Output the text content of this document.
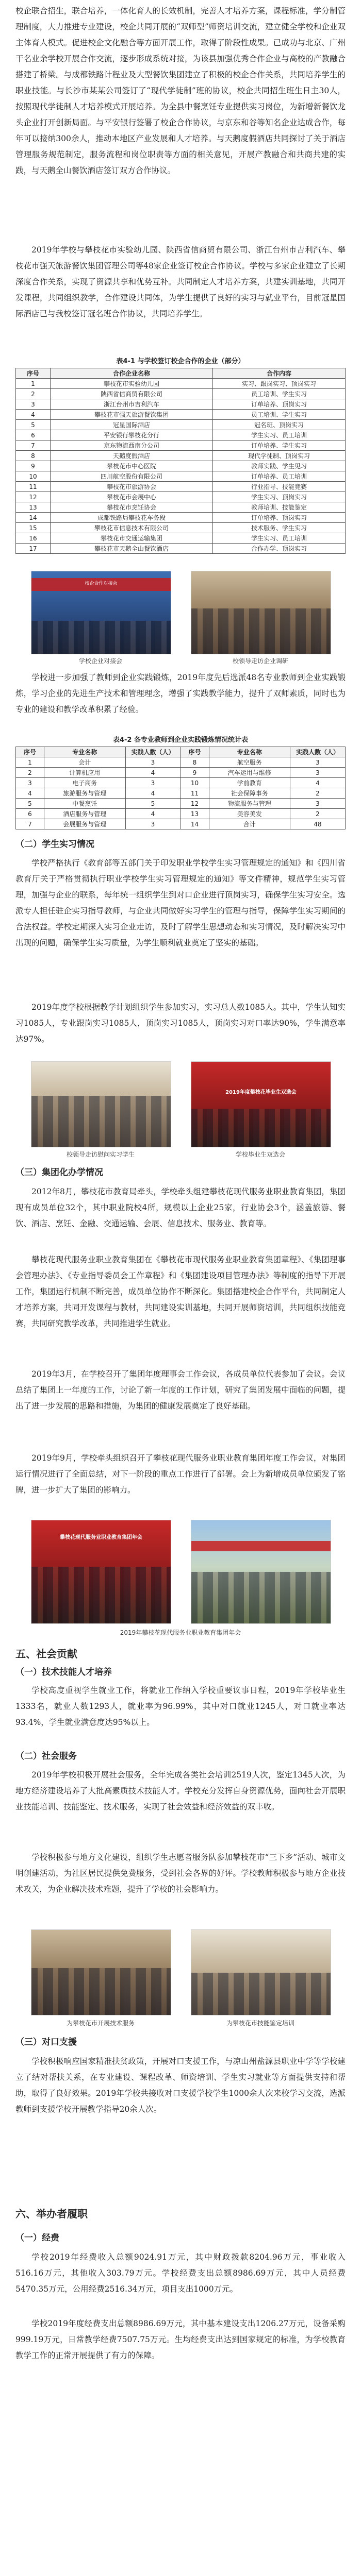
校企联合招生，联合培养，一体化育人的长效机制，完善人才培养方案，课程标准，学分制管理制度，大力推进专业建设，校企共同开展的“双师型”师资培训交流，建立健全学校和企业双主体育人模式。促进校企文化融合等方面开展工作，取得了阶段性成果。已成功与北京、广州干名业余学校开展合作交流，逐步形成系统对接，为该县加强优秀合作企业与高校的产教融合搭建了桥梁。与成都铁路计程业及大型餐饮集团建立了积极的校企合作关系，共同培养学生的职业技能。与长沙市某某公司签订了“现代学徒制”班的协议，校企共同招生班生日主30人，按照现代学徒制人才培养模式开展培养。为全县中餐烹饪专业提供实习岗位，为新增新餐饮龙头企业打开创新局面。与平安银行签署了校企合作协议，与京东和谷等知名企业达成合作，每年可以接纳300余人，推动本地区产业发展和人才培养。与天鹅度假酒店共同探讨了关于酒店管理服务规范制定，服务流程和岗位职责等方面的相关意见，开展产教融合和共商共建的实践，与天鹅全山餐饮酒店签订双方合作协议。

2019年学校与攀枝花市实验幼儿园、陕西省信商贸有限公司、浙江台州市吉利汽车、攀枝花市强天旅游餐饮集团管理公司等48家企业签订校企合作协议。学校与多家企业建立了长期深度合作关系，实现了资源共享和优势互补。共同制定人才培养方案，共建实训基地，共同开发课程，共同组织教学，合作建设共同体，为学生提供了良好的实习与就业平台，目前冠星国际酒店已与我校签订冠名班合作协议，共同培养学生。

表4-1 与学校签订校企合作的企业（部分）
序号	合作企业名称	合作内容
1	攀枝花市实验幼儿园	实习、跟岗实习、顶岗实习
2	陕西省信商贸有限公司	员工培训、学生实习
3	浙江台州市吉利汽车	订单培养、顶岗实习
4	攀枝花市强天旅游餐饮集团	员工培训、学生实习
5	冠星国际酒店	冠名班、顶岗实习
6	平安银行攀枝花分行	学生实习、员工培训
7	京东物流西南分公司	订单培养、学生实习
8	天鹅度假酒店	现代学徒制、顶岗实习
9	攀枝花市中心医院	教师实践、学生见习
10	四川航空股份有限公司	订单培养、员工培训
11	攀枝花市旅游协会	行业指导、技能竞赛
12	攀枝花市会展中心	学生实习、顶岗实习
13	攀枝花市烹饪协会	教师培训、技能鉴定
14	成都铁路局攀枝花车务段	订单培养、顶岗实习
15	攀枝花市信息技术有限公司	技术服务、学生实习
16	攀枝花市交通运输集团	学生实习、员工培训
17	攀枝花市天鹅全山餐饮酒店	合作办学、顶岗实习
校企合作对接会
学校企业对接会	校领导走访企业调研

学校进一步加强了教师到企业实践锻炼，2019年度先后选派48名专业教师到企业实践锻炼，学习企业的先进生产技术和管理理念，增强了实践教学能力，提升了双师素质，同时也为专业的建设和教学改革积累了经验。

表4-2 各专业教师到企业实践锻炼情况统计表
序号	专业名称	实践人数（人）	序号	专业名称	实践人数（人）
1	会计	3	8	航空服务	3
2	计算机应用	4	9	汽车运用与维修	3
3	电子商务	3	10	学前教育	4
4	旅游服务与管理	4	11	社会保障事务	2
5	中餐烹饪	5	12	物流服务与管理	3
6	酒店服务与管理	4	13	美容美发	2
7	会展服务与管理	3	14	合计	48
（二）学生实习情况

学校严格执行《教育部等五部门关于印发职业学校学生实习管理规定的通知》和《四川省教育厅关于严格贯彻执行职业学校学生实习管理规定的通知》等文件精神，规范学生实习管理，加强与企业的联系，每年统一组织学生到对口企业进行顶岗实习，确保学生实习安全。选派专人担任驻企实习指导教师，与企业共同做好实习学生的管理与指导，保障学生实习期间的合法权益。学校定期深入实习企业走访，及时了解学生思想动态和实习情况，及时解决实习中出现的问题，确保学生实习质量，为学生顺利就业奠定了坚实的基础。

2019年度学校根据教学计划组织学生参加实习，实习总人数1085人。其中，学生认知实习1085人，专业跟岗实习1085人，顶岗实习1085人，顶岗实习对口率达90%，学生满意率达97%。

2019年度攀枝花毕业生双选会
校领导走访慰问实习学生	学校毕业生双选会
（三）集团化办学情况

2012年8月，攀枝花市教育局牵头，学校牵头组建攀枝花现代服务业职业教育集团，集团现有成员单位32个，其中职业院校4所，规模以上企业25家，行业协会3个，涵盖旅游、餐饮、酒店、烹饪、金融、交通运输、会展、信息技术、服务业、教育等。

攀枝花现代服务业职业教育集团在《攀枝花市现代服务业职业教育集团章程》、《集团理事会管理办法》、《专业指导委员会工作章程》和《集团建设项目管理办法》等制度的指导下开展工作，集团运行机制不断完善，成员单位协作不断深化。集团搭建校企合作平台，共同制定人才培养方案，共同开发课程与教材，共同建设实训基地，共同开展师资培训，共同组织技能竞赛，共同研究教学改革，共同推进学生就业。

2019年3月，在学校召开了集团年度理事会工作会议，各成员单位代表参加了会议。会议总结了集团上一年度的工作，讨论了新一年度的工作计划，研究了集团发展中面临的问题，提出了进一步发展的思路和措施，为集团的健康发展奠定了良好基础。

2019年9月，学校牵头组织召开了攀枝花现代服务业职业教育集团年度工作会议，对集团运行情况进行了全面总结，对下一阶段的重点工作进行了部署。会上为新增成员单位颁发了铭牌，进一步扩大了集团的影响力。

攀枝花现代服务业职业教育集团年会
2019年攀枝花现代服务业职业教育集团年会
五、社会贡献
（一）技术技能人才培养

学校高度重视学生就业工作，将就业工作纳入学校重要议事日程，2019年学校毕业生1333名，就业人数1293人，就业率为96.99%，其中对口就业1245人，对口就业率达93.4%，学生就业满意度达95%以上。

（二）社会服务

2019年学校积极开展社会服务，全年完成各类社会培训2519人次，鉴定1345人次，为地方经济建设培养了大批高素质技术技能人才。学校充分发挥自身资源优势，面向社会开展职业技能培训、技能鉴定、技术服务，实现了社会效益和经济效益的双丰收。

学校积极参与地方文化建设，组织学生志愿者服务队参加攀枝花市“三下乡”活动、城市文明创建活动，为社区居民提供免费服务，受到社会各界的好评。学校教师积极参与地方企业技术攻关，为企业解决技术难题，提升了学校的社会影响力。

为攀枝花市开展技术服务	为攀枝花市技能鉴定培训
（三）对口支援

学校积极响应国家精准扶贫政策，开展对口支援工作，与凉山州盐源县职业中学等学校建立了结对帮扶关系，在专业建设、课程改革、师资培训、学生实习就业等方面提供支持和帮助，取得了良好效果。2019年学校共接收对口支援学校学生1000余人次来校学习交流，选派教师到支援学校开展教学指导20余人次。

六、举办者履职
（一）经费

学校2019年经费收入总额9024.91万元，其中财政拨款8204.96万元，事业收入516.16万元，其他收入303.79万元。学校经费支出总额8986.69万元，其中人员经费5470.35万元，公用经费2516.34万元，项目支出1000万元。

学校2019年度经费支出总额8986.69万元，其中基本建设支出1206.27万元，设备采购999.19万元，日常教学经费7507.75万元。生均经费支出达到国家规定的标准，为学校教育教学工作的正常开展提供了有力的保障。
